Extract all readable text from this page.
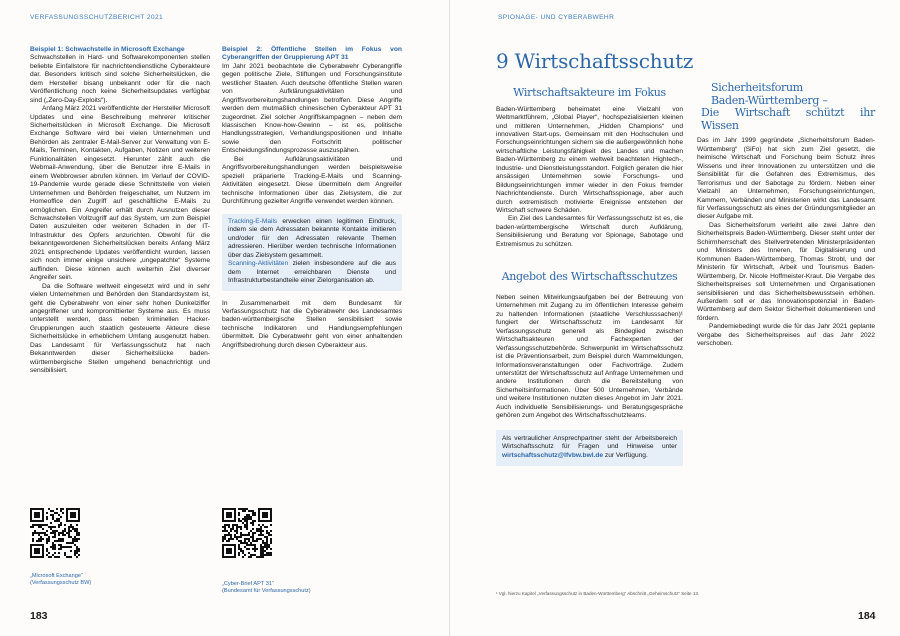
VERFASSUNGSSCHUTZBERICHT 2021

Beispiel 1: Schwachstelle in Microsoft Exchange

Schwachstellen in Hard- und Softwarekomponenten stellen beliebte Einfallstore für nachrichtendienstliche Cyberakteure dar. Besonders kritisch sind solche Sicherheitslücken, die dem Hersteller bisang unbekannt oder für die nach Veröffentlichung noch keine Sicherheitsupdates verfügbar sind („Zero-Day-Exploits“).

Anfang März 2021 veröffentlichte der Hersteller Microsoft Updates und eine Beschreibung mehrerer kritischer Sicherheitslücken in Microsoft Exchange. Die Microsoft Exchange Software wird bei vielen Unternehmen und Behörden als zentraler E-Mail-Server zur Verwaltung von E-Mails, Terminen, Kontakten, Aufgaben, Notizen und weiteren Funktionalitäten eingesetzt. Hierunter zählt auch die Webmail-Anwendung, über die Benutzer ihre E-Mails in einem Webbrowser abrufen können. Im Verlauf der COVID-19-Pandemie wurde gerade diese Schnittstelle von vielen Unternehmen und Behörden freigeschaltet, um Nutzern im Homeoffice den Zugriff auf geschäftliche E-Mails zu ermöglichen. Ein Angreifer erhält durch Ausnutzen dieser Schwachstellen Vollzugriff auf das System, um zum Beispiel Daten auszuleiten oder weiteren Schaden in der IT-Infrastruktur des Opfers anzurichten. Obwohl für die bekanntgewordenen Sicherheitslücken bereits Anfang März 2021 entsprechende Updates veröffentlicht wurden, lassen sich noch immer einige unsichere „ungepatchte“ Systeme auffinden. Diese können auch weiterhin Ziel diverser Angreifer sein.

Da die Software weltweit eingesetzt wird und in sehr vielen Unternehmen und Behörden den Standardsystem ist, geht die Cyberabwehr von einer sehr hohen Dunkelziffer angegriffener und kompromittierter Systeme aus. Es muss unterstellt werden, dass neben kriminellen Hacker-Gruppierungen auch staatlich gesteuerte Akteure diese Sicherheitslücke in erheblichem Umfang ausgenutzt haben. Das Landesamt für Verfassungsschutz hat nach Bekanntwerden dieser Sicherheitslücke baden-württembergische Stellen umgehend benachrichtigt und sensibilisiert.

Beispiel 2: Öffentliche Stellen im Fokus von Cyberangriffen der Gruppierung APT 31

Im Jahr 2021 beobachtete die Cyberabwehr Cyberangriffe gegen politische Ziele, Stiftungen und Forschungsinstitute westlicher Staaten. Auch deutsche öffentliche Stellen waren von Aufklärungsaktivitäten und Angriffsvorbereitungshandlungen betroffen. Diese Angriffe werden dem mutmaßlich chinesischen Cyberakteur APT 31 zugeordnet. Ziel solcher Angriffskampagnen – neben dem klassischen Know-how-Gewinn – ist es, politische Handlungsstrategien, Verhandlungspositionen und Inhalte sowie den Fortschritt politischer Entscheidungsfindungsprozesse auszuspähen.

Bei Aufklärungsaktivitäten und Angriffsvorbereitungshandlungen werden beispielsweise speziell präparierte Tracking-E-Mails und Scanning-Aktivitäten eingesetzt. Diese übermitteln dem Angreifer technische Informationen über das Zielsystem, die zur Durchführung gezielter Angriffe verwendet werden können.

Tracking-E-Mails erwecken einen legitimen Eindruck, indem sie dem Adressaten bekannte Kontakte imitieren und/oder für den Adressaten relevante Themen adressieren. Hierüber werden technische Informationen über das Zielsystem gesammelt.

Scanning-Aktivitäten zielen insbesondere auf die aus dem Internet erreichbaren Dienste und Infrastrukturbestandteile einer Zielorganisation ab.

In Zusammenarbeit mit dem Bundesamt für Verfassungsschutz hat die Cyberabwehr des Landesamtes baden-württembergische Stellen sensibilisiert sowie technische Indikatoren und Handlungsempfehlungen übermittelt. Die Cyberabwehr geht von einer anhaltenden Angriffsbedrohung durch diesen Cyberakteur aus.

„Microsoft Exchange“
(Verfassungsschutz BW)	„Cyber-Brief APT 31“
(Bundesamt für Verfassungsschutz)
183
SPIONAGE- UND CYBERABWEHR
184
9 Wirtschaftsschutz

Wirtschaftsakteure im Fokus

Baden-Württemberg beheimatet eine Vielzahl von Weltmarktführern, „Global Player“, hochspezialisierten kleinen und mittleren Unternehmen, „Hidden Champions“ und innovativen Start-ups. Gemeinsam mit den Hochschulen und Forschungseinrichtungen sichern sie die außergewöhnlich hohe wirtschaftliche Leistungsfähigkeit des Landes und machen Baden-Württemberg zu einem weltweit beachteten Hightech-, Industrie- und Dienstleistungsstandort. Folglich geraten die hier ansässigen Unternehmen sowie Forschungs- und Bildungseinrichtungen immer wieder in den Fokus fremder Nachrichtendienste. Durch Wirtschaftsspionage, aber auch durch extremistisch motivierte Ereignisse entstehen der Wirtschaft schwere Schäden.

Ein Ziel des Landesamtes für Verfassungsschutz ist es, die baden-württembergische Wirtschaft durch Aufklärung, Sensibilisierung und Beratung vor Spionage, Sabotage und Extremismus zu schützen.

Angebot des Wirtschaftsschutzes

Neben seinen Mitwirkungsaufgaben bei der Betreuung von Unternehmen mit Zugang zu im öffentlichen Interesse geheim zu haltenden Informationen (staatliche Verschlusssachen)¹ fungiert der Wirtschaftsschutz im Landesamt für Verfassungsschutz generell als Bindeglied zwischen Wirtschaftsakteuren und Fachexperten der Verfassungsschutzbehörde. Schwerpunkt im Wirtschaftsschutz ist die Präventionsarbeit, zum Beispiel durch Warnmeldungen, Informationsveranstaltungen oder Fachvorträge. Zudem unterstützt der Wirtschaftsschutz auf Anfrage Unternehmen und andere Institutionen durch die Bereitstellung von Sicherheitsinformationen. Über 500 Unternehmen, Verbände und weitere Institutionen nutzten dieses Angebot im Jahr 2021. Auch individuelle Sensibilisierungs- und Beratungsgespräche gehören zum Angebot des Wirtschaftsschutzteams.

Als vertraulicher Ansprechpartner steht der Arbeitsbereich Wirtschaftsschutz für Fragen und Hinweise unter wirtschaftsschutz@lfvbw.bwl.de zur Verfügung.
Sicherheitsforum
Baden-Württemberg –
Die Wirtschaft schützt ihr Wissen

Das im Jahr 1999 gegründete „Sicherheitsforum Baden-Württemberg“ (SiFo) hat sich zum Ziel gesetzt, die heimische Wirtschaft und Forschung beim Schutz ihres Wissens und ihrer Innovationen zu unterstützen und die Sensibilität für die Gefahren des Extremismus, des Terrorismus und der Sabotage zu fördern. Neben einer Vielzahl an Unternehmen, Forschungseinrichtungen, Kammern, Verbänden und Ministerien wirkt das Landesamt für Verfassungsschutz als eines der Gründungsmitglieder an dieser Aufgabe mit.

Das Sicherheitsforum verleiht alle zwei Jahre den Sicherheitspreis Baden-Württemberg. Dieser steht unter der Schirmherrschaft des Stellvertretenden Ministerpräsidenten und Ministers des Inneren, für Digitalisierung und Kommunen Baden-Württemberg, Thomas Strobl, und der Ministerin für Wirtschaft, Arbeit und Tourismus Baden-Württemberg, Dr. Nicole Hoffmeister-Kraut. Die Vergabe des Sicherheitspreises soll Unternehmen und Organisationen sensibilisieren und das Sicherheitsbewusstsein erhöhen. Außerdem soll er das Innovationspotenzial in Baden-Württemberg auf dem Sektor Sicherheit dokumentieren und fördern.

Pandemiebedingt wurde die für das Jahr 2021 geplante Vergabe des Sicherheitspreises auf das Jahr 2022 verschoben.

¹ Vgl. hierzu Kapitel „Verfassungsschutz in Baden-Württemberg“ Abschnitt „Geheimschutz“ Seite 13.
